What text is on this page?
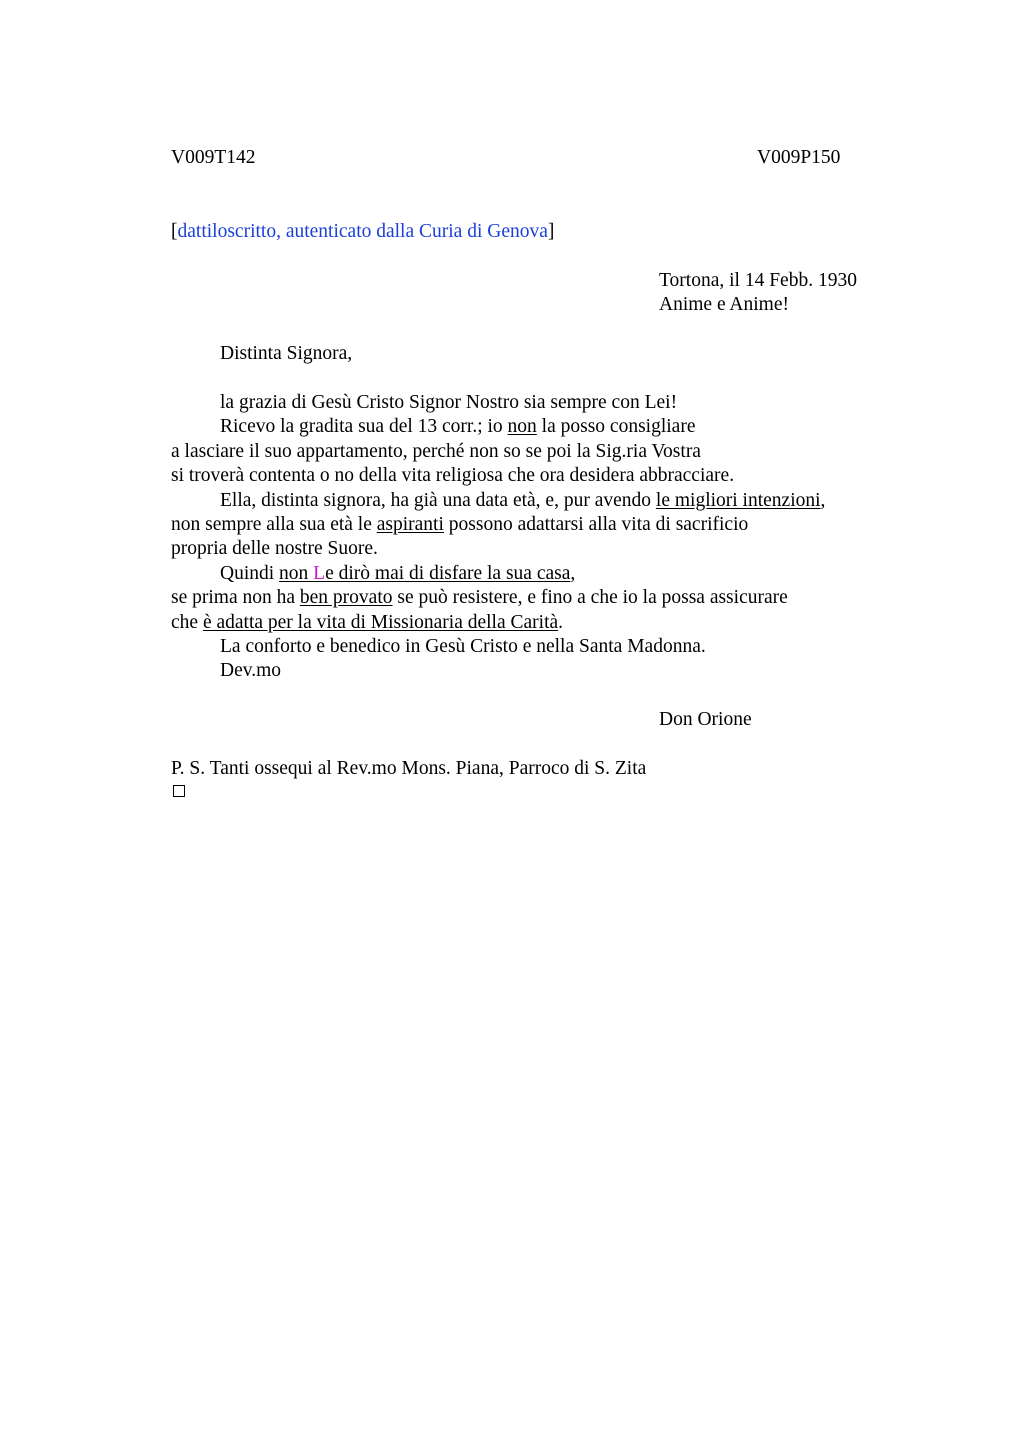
V009T142	V009P150
[dattiloscritto, autenticato dalla Curia di Genova]
Tortona, il 14 Febb. 1930
Anime e Anime!
Distinta Signora,
la grazia di Gesù Cristo Signor Nostro sia sempre con Lei!
Ricevo la gradita sua del 13 corr.; io non la posso consigliare
a lasciare il suo appartamento, perché non so se poi la Sig.ria Vostra
si troverà contenta o no della vita religiosa che ora desidera abbracciare.
Ella, distinta signora, ha già una data età, e, pur avendo le migliori intenzioni,
non sempre alla sua età le aspiranti possono adattarsi alla vita di sacrificio
propria delle nostre Suore.
Quindi non Le dirò mai di disfare la sua casa,
se prima non ha ben provato se può resistere, e fino a che io la possa assicurare
che è adatta per la vita di Missionaria della Carità.
La conforto e benedico in Gesù Cristo e nella Santa Madonna.
Dev.mo
Don Orione
P. S. Tanti ossequi al Rev.mo Mons. Piana, Parroco di S. Zita
